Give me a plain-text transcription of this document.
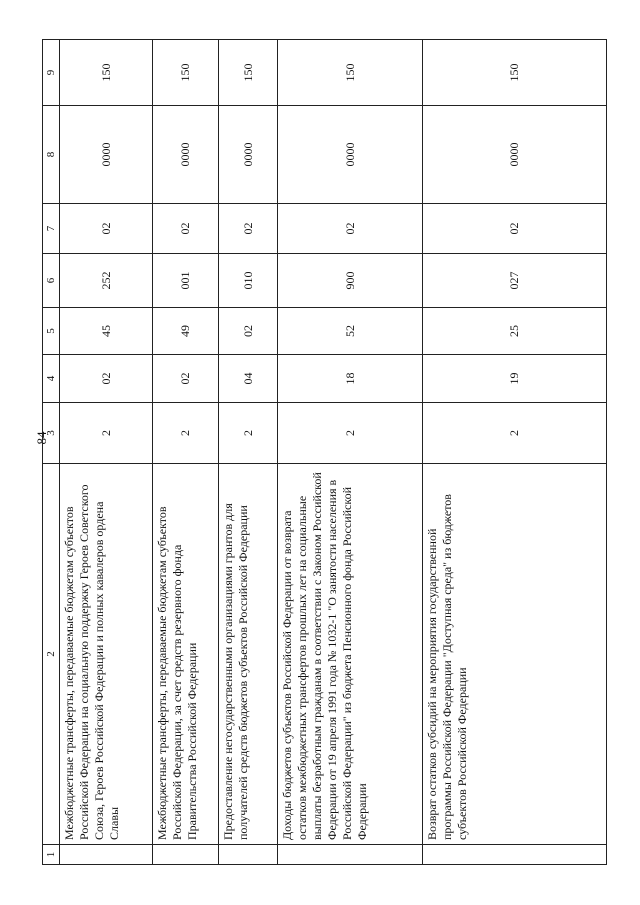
84
1	2	3	4	5	6	7	8	9
	Межбюджетные трансферты, передаваемые бюджетам субъектов Российской Федерации на социальную поддержку Героев Советского Союза, Героев Российской Федерации и полных кавалеров ордена Славы	2	02	45	252	02	0000	150
	Межбюджетные трансферты, передаваемые бюджетам субъектов Российской Федерации, за счет средств резервного фонда Правительства Российской Федерации	2	02	49	001	02	0000	150
	Предоставление негосударственными организациями грантов для получателей средств бюджетов субъектов Российской Федерации	2	04	02	010	02	0000	150
	Доходы бюджетов субъектов Российской Федерации от возврата остатков межбюджетных трансфертов прошлых лет на социальные выплаты безработным гражданам в соответствии с Законом Российской Федерации от 19 апреля 1991 года № 1032-1 "О занятости населения в Российской Федерации" из бюджета Пенсионного фонда Российской Федерации	2	18	52	900	02	0000	150
	Возврат остатков субсидий на мероприятия государственной программы Российской Федерации "Доступная среда" из бюджетов субъектов Российской Федерации	2	19	25	027	02	0000	150
